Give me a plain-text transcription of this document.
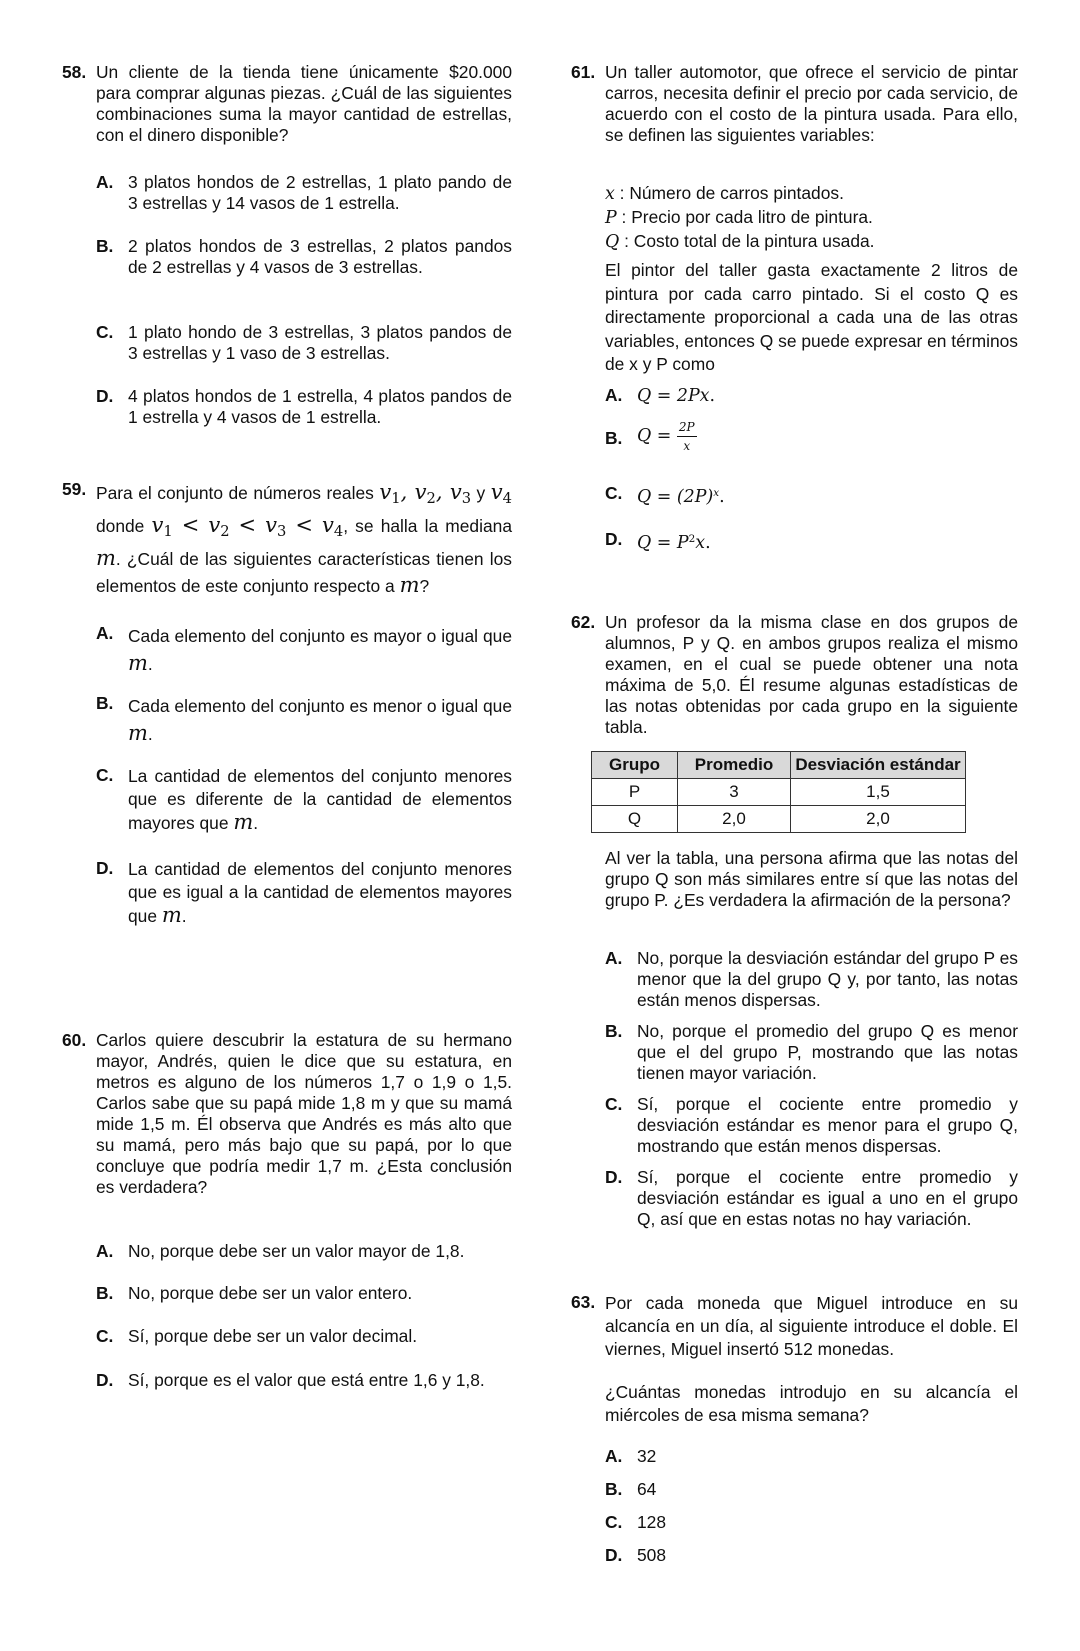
58. Un cliente de la tienda tiene únicamente $20.000 para comprar algunas piezas. ¿Cuál de las siguientes combinaciones suma la mayor cantidad de estrellas, con el dinero disponible?
A. 3 platos hondos de 2 estrellas, 1 plato pando de 3 estrellas y 14 vasos de 1 estrella.
B. 2 platos hondos de 3 estrellas, 2 platos pandos de 2 estrellas y 4 vasos de 3 estrellas.
C. 1 plato hondo de 3 estrellas, 3 platos pandos de 3 estrellas y 1 vaso de 3 estrellas.
D. 4 platos hondos de 1 estrella, 4 platos pandos de 1 estrella y 4 vasos de 1 estrella.
59. Para el conjunto de números reales $v_1$, $v_2$, $v_3$ y $v_4$ donde $v_1 < v_2 < v_3 < v_4$, se halla la mediana m. ¿Cuál de las siguientes características tienen los elementos de este conjunto respecto a m?
A. Cada elemento del conjunto es mayor o igual que m.
B. Cada elemento del conjunto es menor o igual que m.
C. La cantidad de elementos del conjunto menores que es diferente de la cantidad de elementos mayores que m.
D. La cantidad de elementos del conjunto menores que es igual a la cantidad de elementos mayores que m.
60. Carlos quiere descubrir la estatura de su hermano mayor, Andrés, quien le dice que su estatura, en metros es alguno de los números 1,7 o 1,9 o 1,5. Carlos sabe que su papá mide 1,8 m y que su mamá mide 1,5 m. Él observa que Andrés es más alto que su mamá, pero más bajo que su papá, por lo que concluye que podría medir 1,7 m. ¿Esta conclusión es verdadera?
A. No, porque debe ser un valor mayor de 1,8.
B. No, porque debe ser un valor entero.
C. Sí, porque debe ser un valor decimal.
D. Sí, porque es el valor que está entre 1,6 y 1,8.
61. Un taller automotor, que ofrece el servicio de pintar carros, necesita definir el precio por cada servicio, de acuerdo con el costo de la pintura usada. Para ello, se definen las siguientes variables:
x : Número de carros pintados.
P : Precio por cada litro de pintura.
Q : Costo total de la pintura usada.
El pintor del taller gasta exactamente 2 litros de pintura por cada carro pintado. Si el costo Q es directamente proporcional a cada una de las otras variables, entonces Q se puede expresar en términos de x y P como
A. Q = 2Px.
B. $Q = \frac{2P}{x}$
C. $Q = (2P)^x$.
D. $Q = P^2x$.
62. Un profesor da la misma clase en dos grupos de alumnos, P y Q. en ambos grupos realiza el mismo examen, en el cual se puede obtener una nota máxima de 5,0. Él resume algunas estadísticas de las notas obtenidas por cada grupo en la siguiente tabla.
Grupo	Promedio	Desviación estándar
P	3	1,5
Q	2,0	2,0
Al ver la tabla, una persona afirma que las notas del grupo Q son más similares entre sí que las notas del grupo P. ¿Es verdadera la afirmación de la persona?
A. No, porque la desviación estándar del grupo P es menor que la del grupo Q y, por tanto, las notas están menos dispersas.
B. No, porque el promedio del grupo Q es menor que el del grupo P, mostrando que las notas tienen mayor variación.
C. Sí, porque el cociente entre promedio y desviación estándar es menor para el grupo Q, mostrando que están menos dispersas.
D. Sí, porque el cociente entre promedio y desviación estándar es igual a uno en el grupo Q, así que en estas notas no hay variación.
63. Por cada moneda que Miguel introduce en su alcancía en un día, al siguiente introduce el doble. El viernes, Miguel insertó 512 monedas.
¿Cuántas monedas introdujo en su alcancía el miércoles de esa misma semana?
A. 32
B. 64
C. 128
D. 508
